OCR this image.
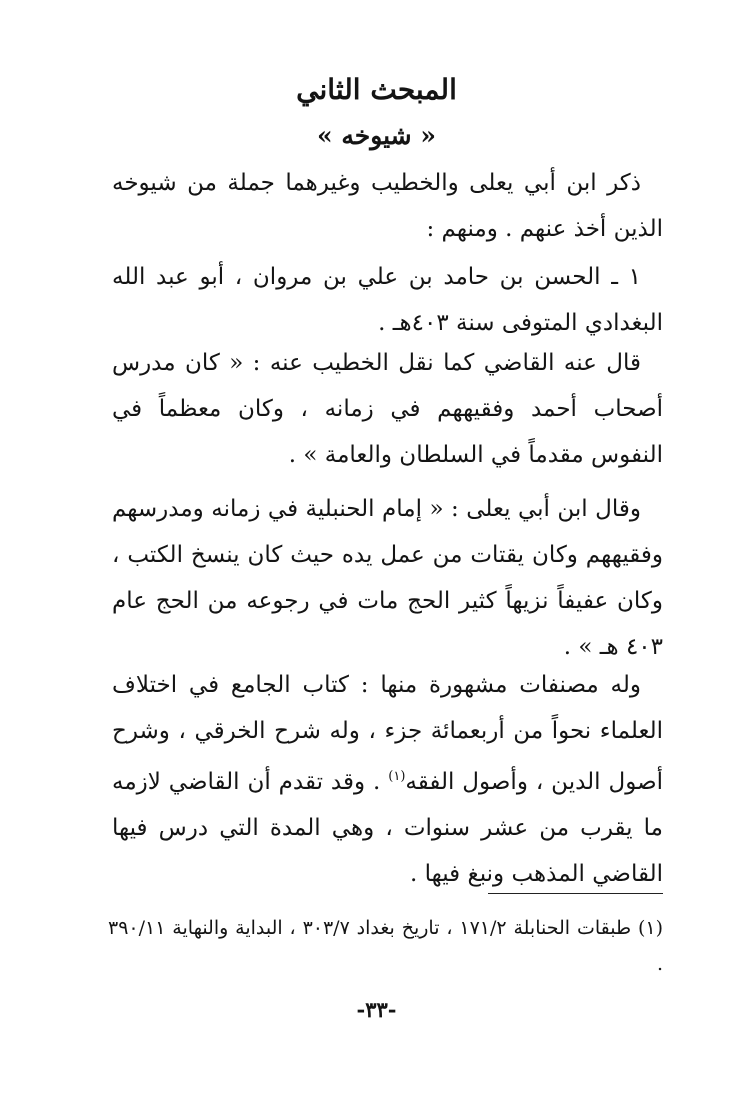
المبحث الثاني
« شيوخه »
ذكر ابن أبي يعلى والخطيب وغيرهما جملة من شيوخه الذين أخذ عنهم . ومنهم :
١ ـ الحسن بن حامد بن علي بن مروان ، أبو عبد الله البغدادي المتوفى سنة ٤٠٣هـ .
قال عنه القاضي كما نقل الخطيب عنه : « كان مدرس أصحاب أحمد وفقيههم في زمانه ، وكان معظماً في النفوس مقدماً في السلطان والعامة » .
وقال ابن أبي يعلى : « إمام الحنبلية في زمانه ومدرسهم وفقيههم وكان يقتات من عمل يده حيث كان ينسخ الكتب ، وكان عفيفاً نزيهاً كثير الحج مات في رجوعه من الحج عام ٤٠٣ هـ » .
وله مصنفات مشهورة منها : كتاب الجامع في اختلاف العلماء نحواً من أربعمائة جزء ، وله شرح الخرقي ، وشرح أصول الدين ، وأصول الفقه$^{(١)}$ . وقد تقدم أن القاضي لازمه ما يقرب من عشر سنوات ، وهي المدة التي درس فيها القاضي المذهب ونبغ فيها .
(١) طبقات الحنابلة ١٧١/٢ ، تاريخ بغداد ٣٠٣/٧ ، البداية والنهاية ٣٩٠/١١ .
-٣٣-
